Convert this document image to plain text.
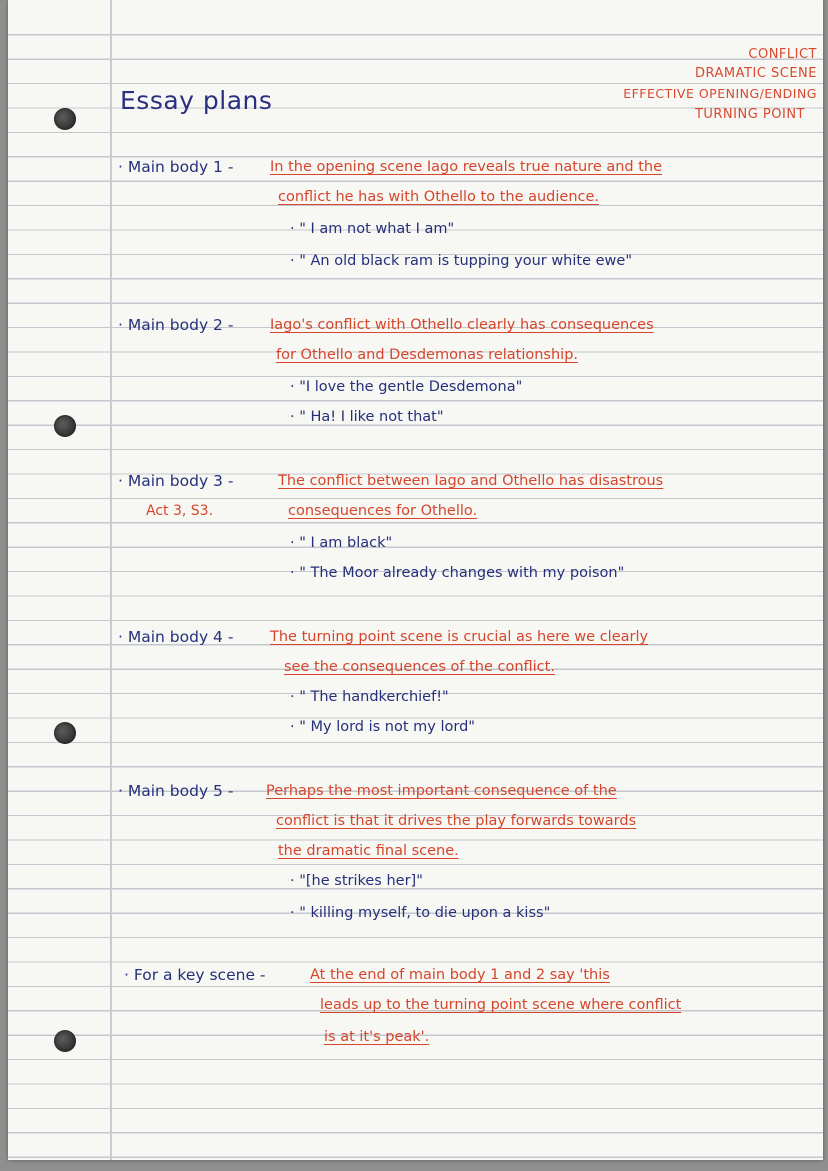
Essay plans
CONFLICT
DRAMATIC SCENE
EFFECTIVE OPENING/ENDING
TURNING POINT
· Main body 1 -	In the opening scene Iago reveals true nature and the
conflict he has with Othello to the audience.
· " I am not what I am"
· " An old black ram is tupping your white ewe"
· Main body 2 -	Iago's conflict with Othello clearly has consequences
for Othello and Desdemonas relationship.
· "I love the gentle Desdemona"
· " Ha! I like not that"
· Main body 3 -
Act 3, S3.
The conflict between Iago and Othello has disastrous
consequences for Othello.
· " I am black"
· " The Moor already changes with my poison"
· Main body 4 -	The turning point scene is crucial as here we clearly
see the consequences of the conflict.
· " The handkerchief!"
· " My lord is not my lord"
· Main body 5 - Perhaps the most important consequence of the
conflict is that it drives the play forwards towards
the dramatic final scene.
· "[he strikes her]"
· " killing myself, to die upon a kiss"
· For a key scene -	At the end of main body 1 and 2 say 'this
leads up to the turning point scene where conflict
is at it's peak'.
